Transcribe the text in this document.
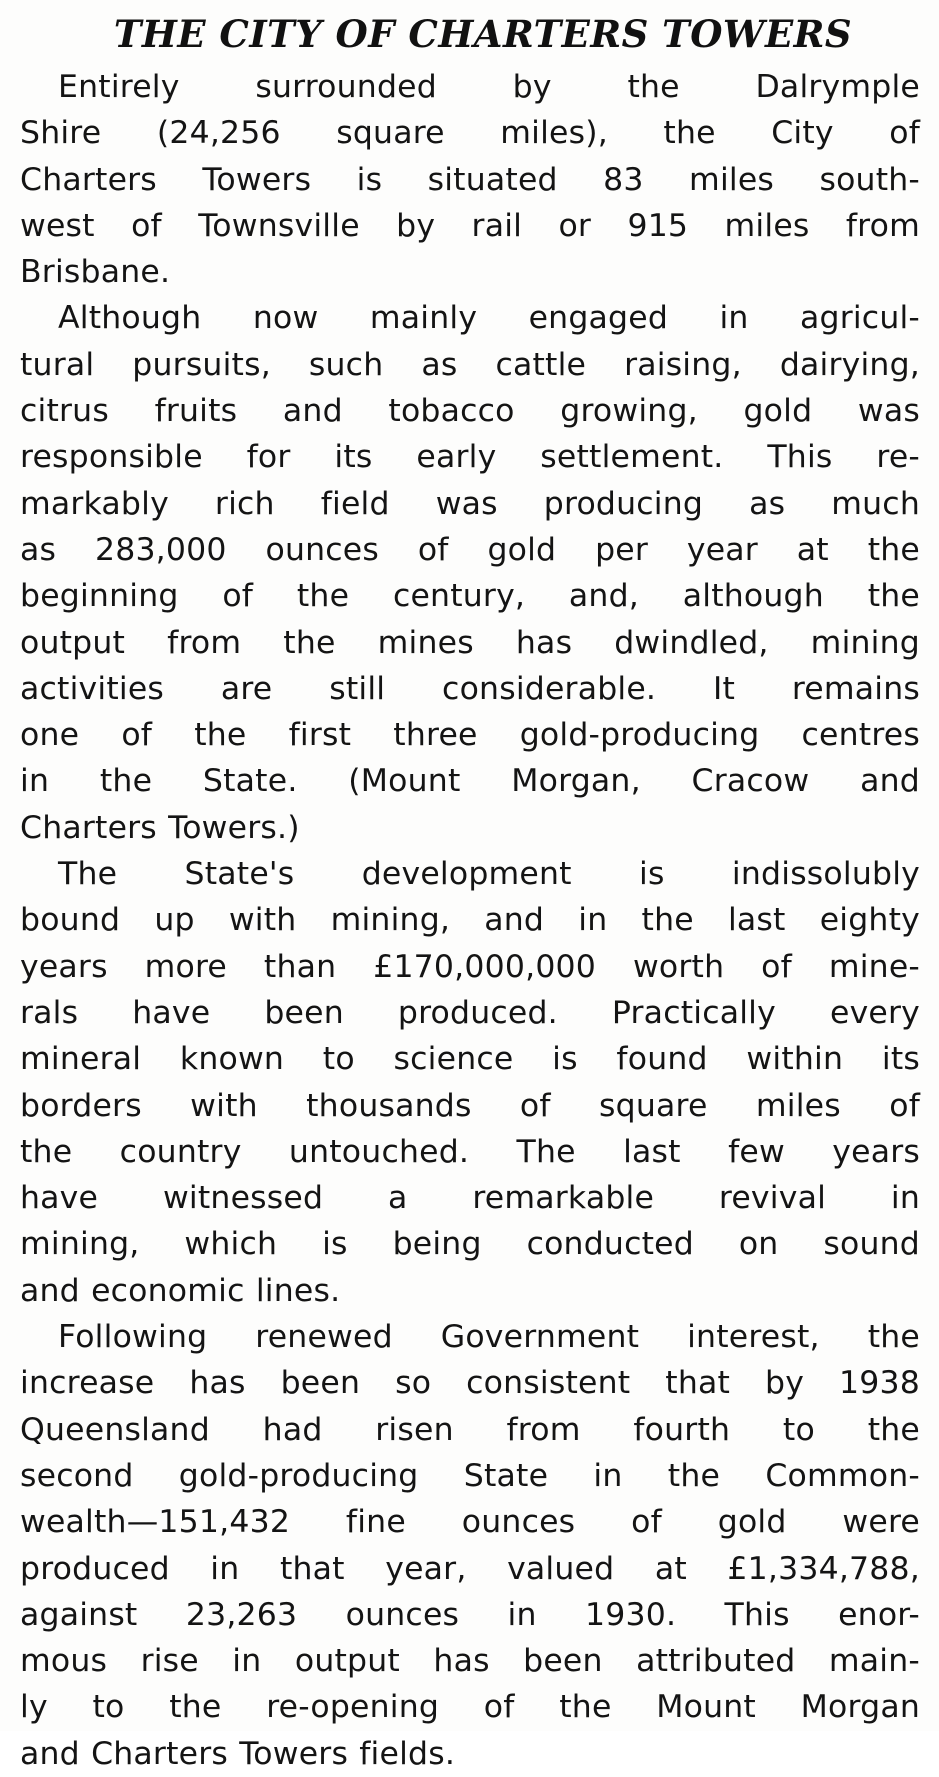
THE CITY OF CHARTERS TOWERS

Entirely surrounded by the Dalrymple
Shire (24,256 square miles), the City of
Charters Towers is situated 83 miles south-
west of Townsville by rail or 915 miles from
Brisbane.

Although now mainly engaged in agricul-
tural pursuits, such as cattle raising, dairying,
citrus fruits and tobacco growing, gold was
responsible for its early settlement. This re-
markably rich field was producing as much
as 283,000 ounces of gold per year at the
beginning of the century, and, although the
output from the mines has dwindled, mining
activities are still considerable. It remains
one of the first three gold-producing centres
in the State. (Mount Morgan, Cracow and
Charters Towers.)

The State's development is indissolubly
bound up with mining, and in the last eighty
years more than £170,000,000 worth of mine-
rals have been produced. Practically every
mineral known to science is found within its
borders with thousands of square miles of
the country untouched. The last few years
have witnessed a remarkable revival in
mining, which is being conducted on sound
and economic lines.

Following renewed Government interest, the
increase has been so consistent that by 1938
Queensland had risen from fourth to the
second gold-producing State in the Common-
wealth—151,432 fine ounces of gold were
produced in that year, valued at £1,334,788,
against 23,263 ounces in 1930. This enor-
mous rise in output has been attributed main-
ly to the re-opening of the Mount Morgan
and Charters Towers fields.
